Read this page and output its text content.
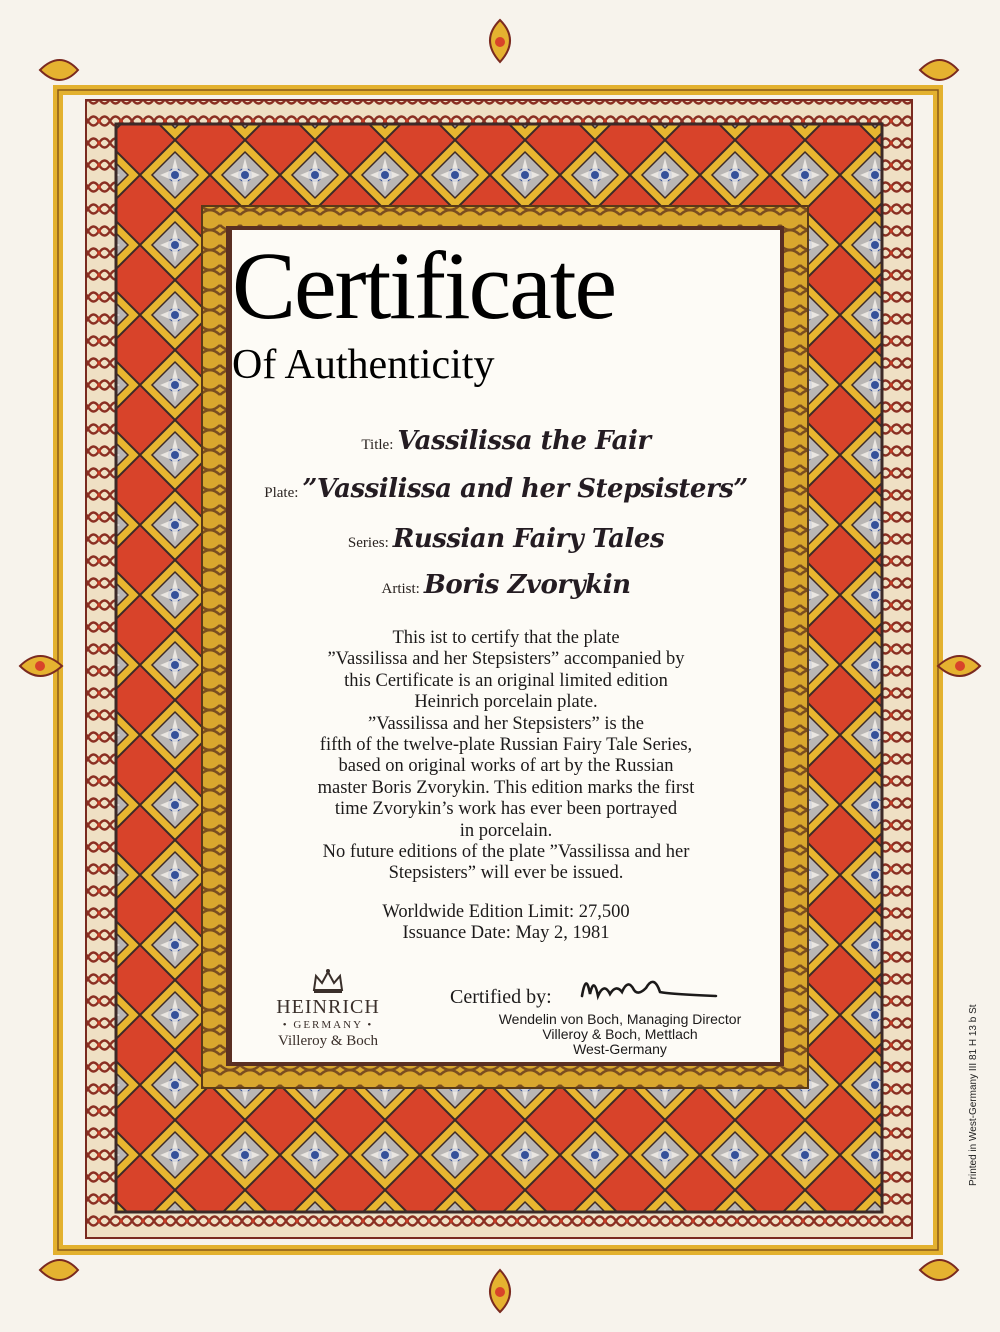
Certificate
Of Authenticity
Title: Vassilissa the Fair
Plate: ”Vassilissa and her Stepsisters”
Series: Russian Fairy Tales
Artist: Boris Zvorykin
This ist to certify that the plate
”Vassilissa and her Stepsisters” accompanied by
this Certificate is an original limited edition
Heinrich porcelain plate.
”Vassilissa and her Stepsisters” is the
fifth of the twelve-plate Russian Fairy Tale Series,
based on original works of art by the Russian
master Boris Zvorykin. This edition marks the first
time Zvorykin’s work has ever been portrayed
in porcelain.
No future editions of the plate ”Vassilissa and her
Stepsisters” will ever be issued.
Worldwide Edition Limit: 27,500
Issuance Date: May 2, 1981
HEINRICH
• GERMANY •
Villeroy & Boch
Certified by:
Wendelin von Boch, Managing Director
Villeroy & Boch, Mettlach
West-Germany	Printed in West-Germany III 81 H 13 b St
